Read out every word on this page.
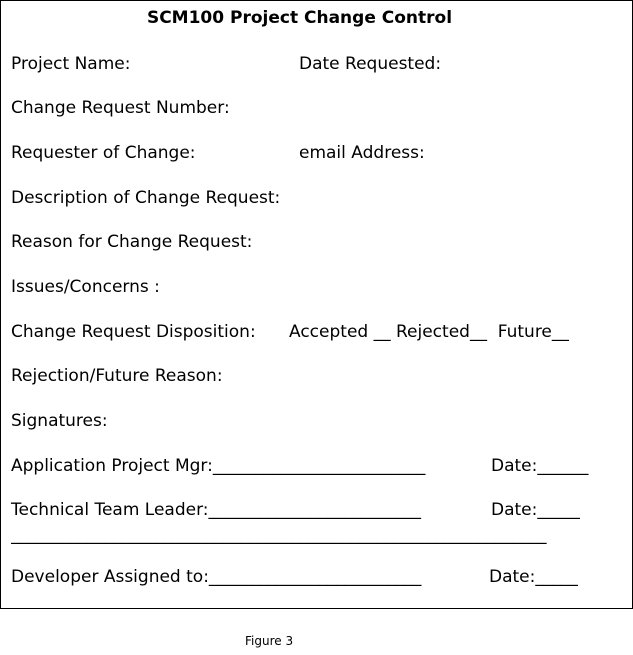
SCM100 Project Change Control
Project Name:	Date Requested:
Change Request Number:
Requester of Change:	email Address:
Description of Change Request:
Reason for Change Request:
Issues/Concerns :
Change Request Disposition: Accepted __ Rejected__  Future__
Rejection/Future Reason:
Signatures:
Application Project Mgr:_________________________	Date:______
Technical Team Leader:_________________________	Date:_____
_______________________________________________________________
Developer Assigned to:_________________________	Date:_____
Figure 3
